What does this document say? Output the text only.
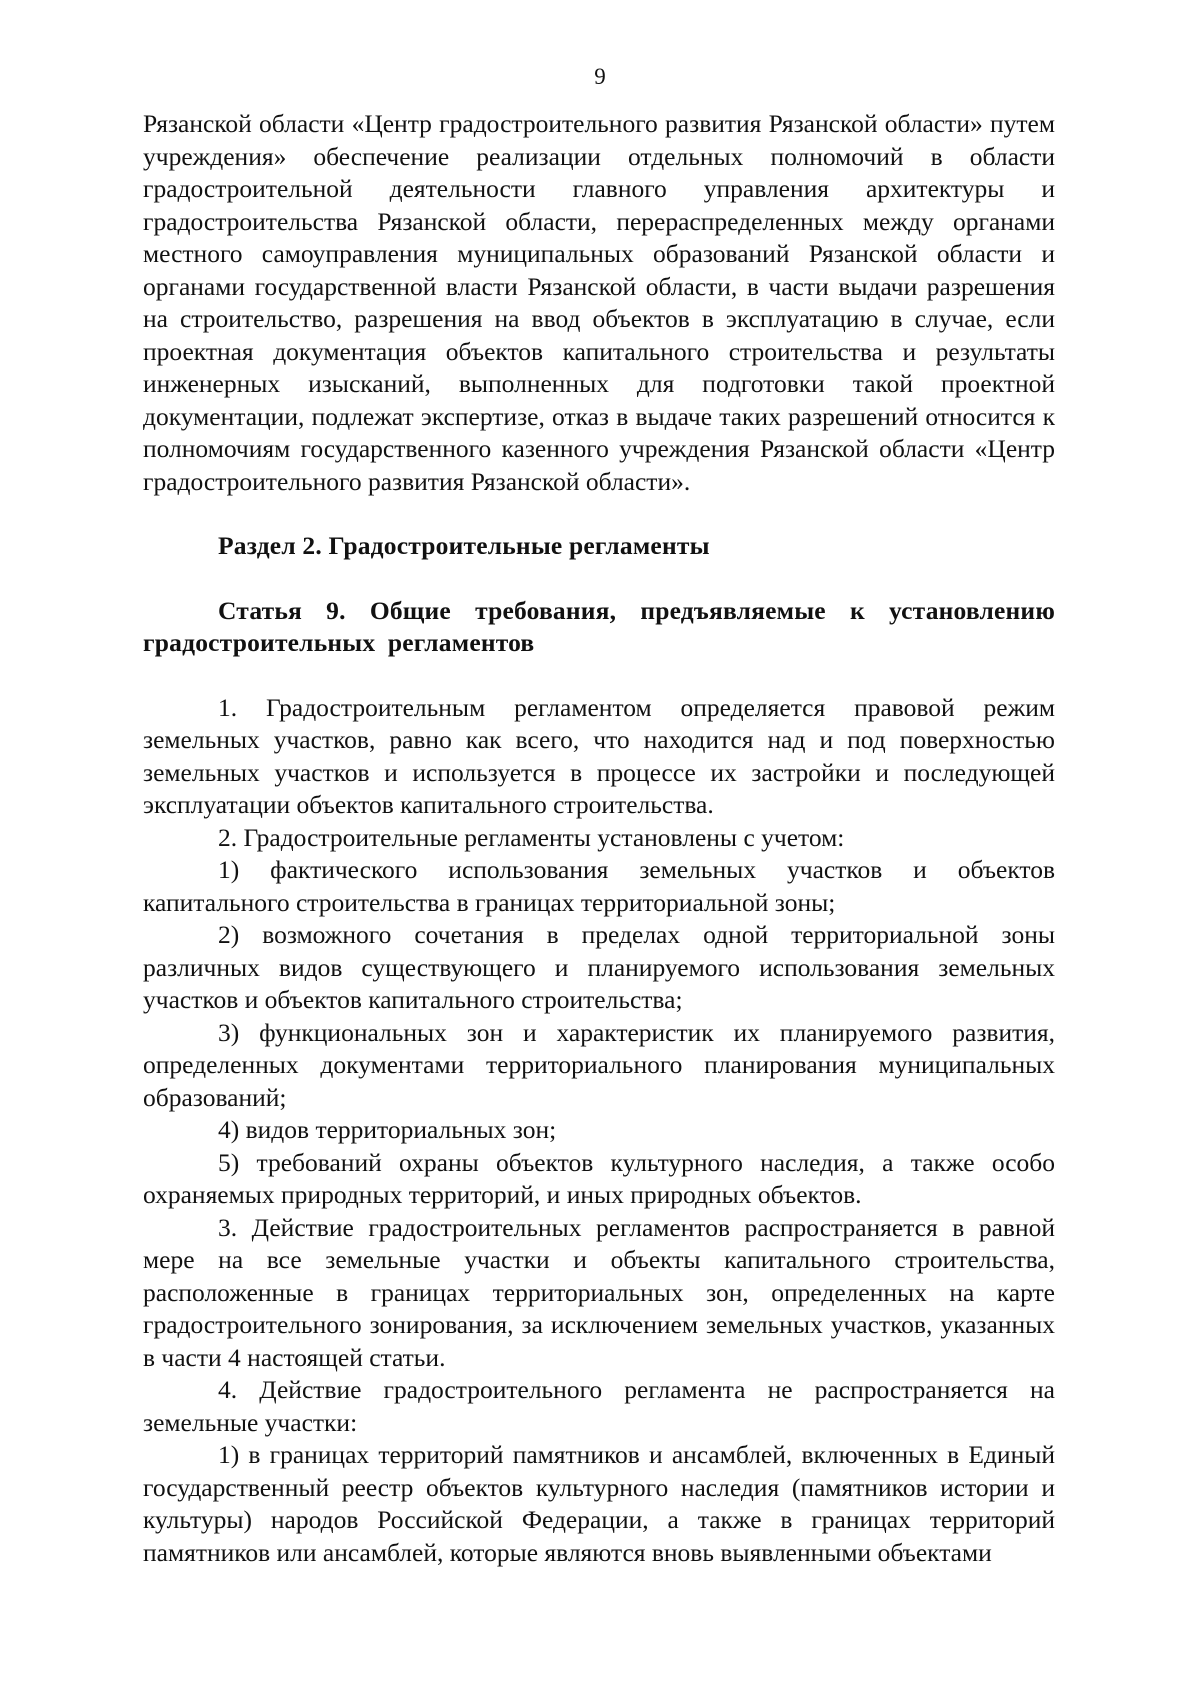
9

Рязанской области «Центр градостроительного развития Рязанской области» путем учреждения» обеспечение реализации отдельных полномочий в области градостроительной деятельности главного управления архитектуры и градостроительства Рязанской области, перераспределенных между органами местного самоуправления муниципальных образований Рязанской области и органами государственной власти Рязанской области, в части выдачи разрешения на строительство, разрешения на ввод объектов в эксплуатацию в случае, если проектная документация объектов капитального строительства и результаты инженерных изысканий, выполненных для подготовки такой проектной документации, подлежат экспертизе, отказ в выдаче таких разрешений относится к полномочиям государственного казенного учреждения Рязанской области «Центр градостроительного развития Рязанской области».

Раздел 2. Градостроительные регламенты
Статья 9. Общие требования, предъявляемые к установлению градостроительных регламентов

1. Градостроительным регламентом определяется правовой режим земельных участков, равно как всего, что находится над и под поверхностью земельных участков и используется в процессе их застройки и последующей эксплуатации объектов капитального строительства.

2. Градостроительные регламенты установлены с учетом:

1) фактического использования земельных участков и объектов капитального строительства в границах территориальной зоны;

2) возможного сочетания в пределах одной территориальной зоны различных видов существующего и планируемого использования земельных участков и объектов капитального строительства;

3) функциональных зон и характеристик их планируемого развития, определенных документами территориального планирования муниципальных образований;

4) видов территориальных зон;

5) требований охраны объектов культурного наследия, а также особо охраняемых природных территорий, и иных природных объектов.

3. Действие градостроительных регламентов распространяется в равной мере на все земельные участки и объекты капитального строительства, расположенные в границах территориальных зон, определенных на карте градостроительного зонирования, за исключением земельных участков, указанных в части 4 настоящей статьи.

4. Действие градостроительного регламента не распространяется на земельные участки:

1) в границах территорий памятников и ансамблей, включенных в Единый государственный реестр объектов культурного наследия (памятников истории и культуры) народов Российской Федерации, а также в границах территорий памятников или ансамблей, которые являются вновь выявленными объектами
